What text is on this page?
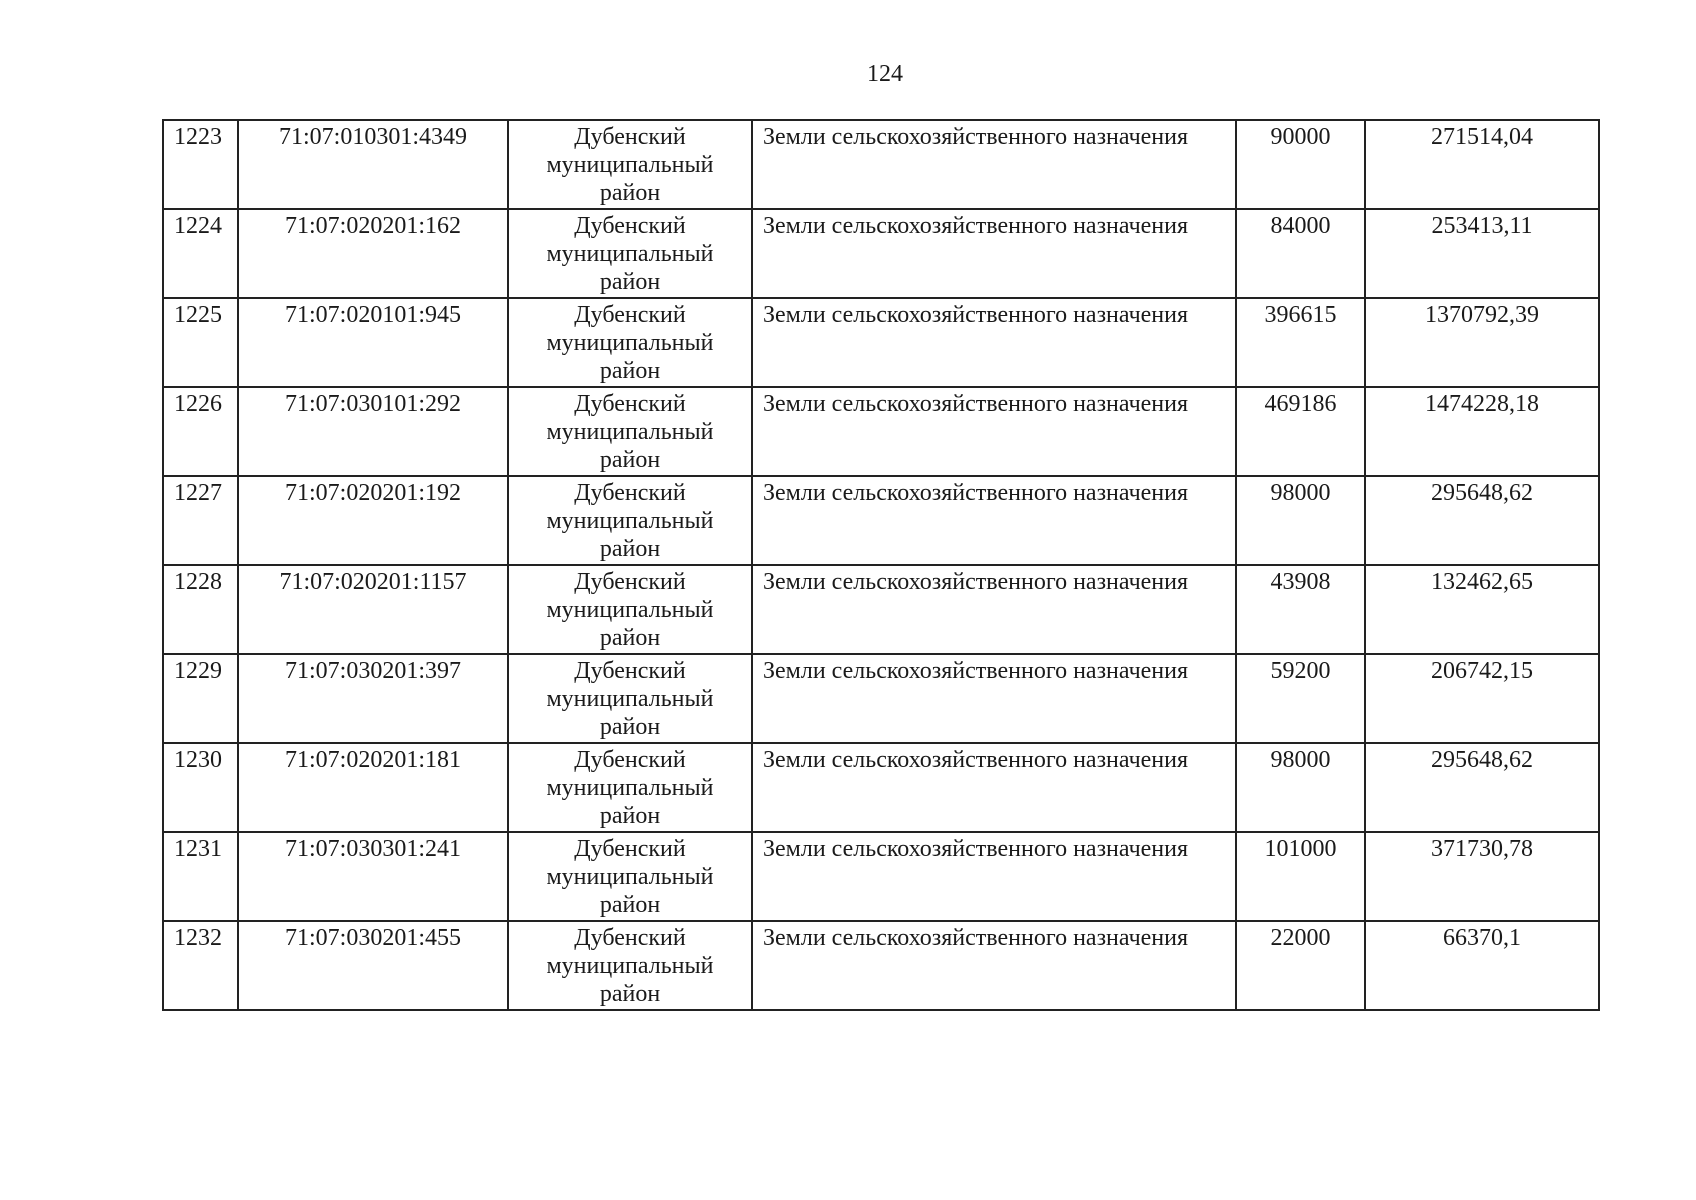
124
1223	71:07:010301:4349	Дубенский муниципальный район	Земли сельскохозяйственного назначения	90000	271514,04
1224	71:07:020201:162	Дубенский муниципальный район	Земли сельскохозяйственного назначения	84000	253413,11
1225	71:07:020101:945	Дубенский муниципальный район	Земли сельскохозяйственного назначения	396615	1370792,39
1226	71:07:030101:292	Дубенский муниципальный район	Земли сельскохозяйственного назначения	469186	1474228,18
1227	71:07:020201:192	Дубенский муниципальный район	Земли сельскохозяйственного назначения	98000	295648,62
1228	71:07:020201:1157	Дубенский муниципальный район	Земли сельскохозяйственного назначения	43908	132462,65
1229	71:07:030201:397	Дубенский муниципальный район	Земли сельскохозяйственного назначения	59200	206742,15
1230	71:07:020201:181	Дубенский муниципальный район	Земли сельскохозяйственного назначения	98000	295648,62
1231	71:07:030301:241	Дубенский муниципальный район	Земли сельскохозяйственного назначения	101000	371730,78
1232	71:07:030201:455	Дубенский муниципальный район	Земли сельскохозяйственного назначения	22000	66370,1
